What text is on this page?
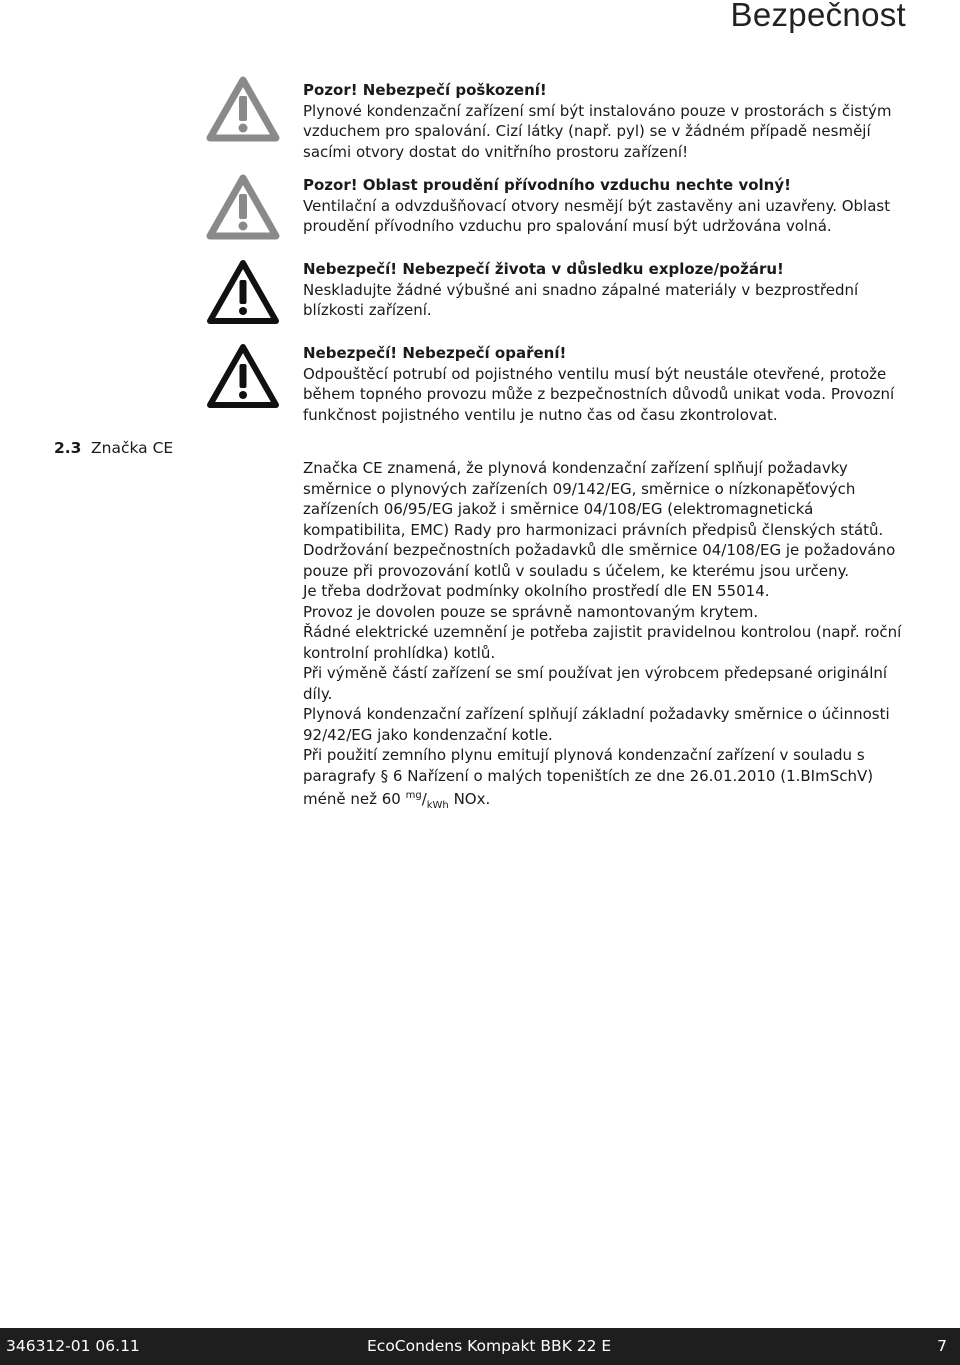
Bezpečnost
Pozor! Nebezpečí poškození!
Plynové kondenzační zařízení smí být instalováno pouze v prostorách s čistým vzduchem pro spalování. Cizí látky (např. pyl) se v žádném případě nesmějí sacími otvory dostat do vnitřního prostoru zařízení!
Pozor! Oblast proudění přívodního vzduchu nechte volný!
Ventilační a odvzdušňovací otvory nesmějí být zastavěny ani uzavřeny. Oblast proudění přívodního vzduchu pro spalování musí být udržována volná.
Nebezpečí! Nebezpečí života v důsledku exploze/požáru!
Neskladujte žádné výbušné ani snadno zápalné materiály v bezprostřední blízkosti zařízení.
Nebezpečí! Nebezpečí opaření!
Odpouštěcí potrubí od pojistného ventilu musí být neustále otevřené, protože během topného provozu může z bezpečnostních důvodů unikat voda. Provozní funkčnost pojistného ventilu je nutno čas od času zkontrolovat.
2.3 Značka CE

Značka CE znamená, že plynová kondenzační zařízení splňují požadavky směrnice o plynových zařízeních 09/142/EG, směrnice o nízkonapěťových zařízeních 06/95/EG jakož i směrnice 04/108/EG (elektromagnetická kompatibilita, EMC) Rady pro harmonizaci právních předpisů členských států.

Dodržování bezpečnostních požadavků dle směrnice 04/108/EG je požadováno pouze při provozování kotlů v souladu s účelem, ke kterému jsou určeny.

Je třeba dodržovat podmínky okolního prostředí dle EN 55014.

Provoz je dovolen pouze se správně namontovaným krytem.

Řádné elektrické uzemnění je potřeba zajistit pravidelnou kontrolou (např. roční kontrolní prohlídka) kotlů.

Při výměně částí zařízení se smí používat jen výrobcem předepsané originální díly.

Plynová kondenzační zařízení splňují základní požadavky směrnice o účinnosti 92/42/EG jako kondenzační kotle.

Při použití zemního plynu emitují plynová kondenzační zařízení v souladu s paragrafy § 6 Nařízení o malých topeništích ze dne 26.01.2010 (1.BImSchV) méně než 60 $^{mg}/_{kWh}$ NOx.

346312-01 06.11	EcoCondens Kompakt BBK 22 E	7
